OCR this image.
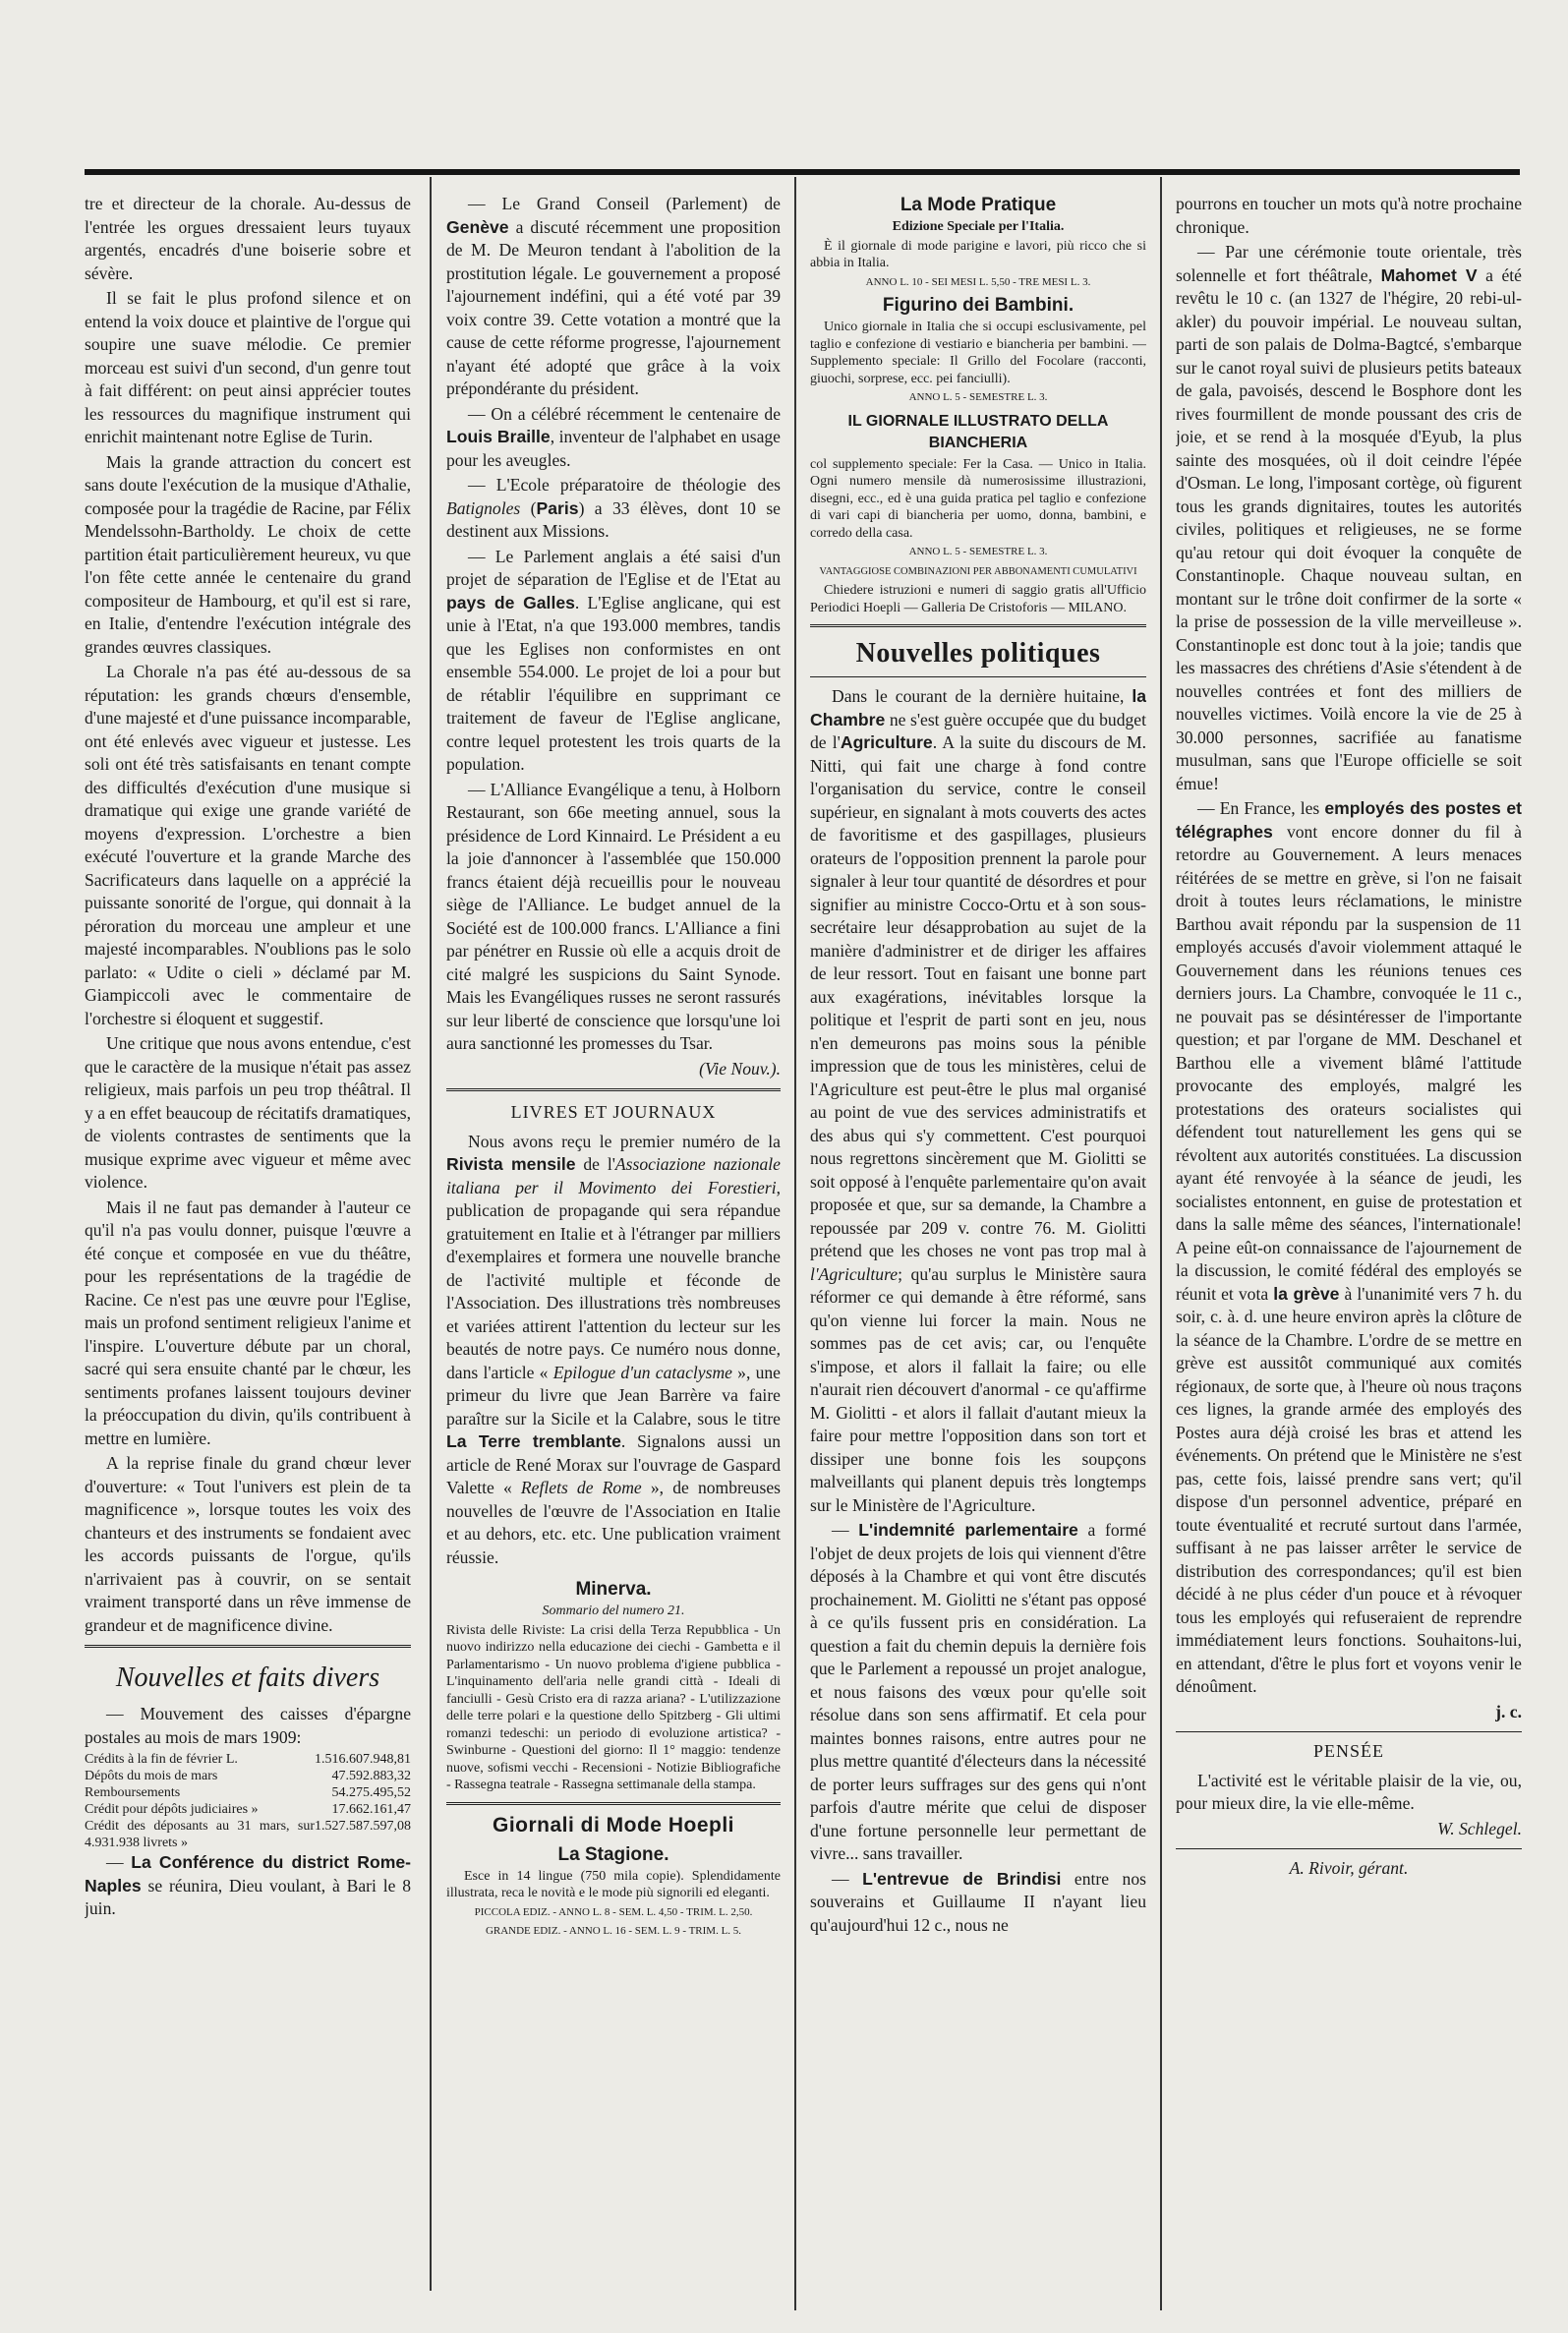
tre et directeur de la chorale. Au-dessus de l'entrée les orgues dressaient leurs tuyaux argentés, encadrés d'une boiserie sobre et sévère.

Il se fait le plus profond silence et on entend la voix douce et plaintive de l'orgue qui soupire une suave mélodie. Ce premier morceau est suivi d'un second, d'un genre tout à fait différent: on peut ainsi apprécier toutes les ressources du magnifique instrument qui enrichit maintenant notre Eglise de Turin.

Mais la grande attraction du concert est sans doute l'exécution de la musique d'Athalie, composée pour la tragédie de Racine, par Félix Mendelssohn-Bartholdy. Le choix de cette partition était particulièrement heureux, vu que l'on fête cette année le centenaire du grand compositeur de Hambourg, et qu'il est si rare, en Italie, d'entendre l'exécution intégrale des grandes œuvres classiques.

La Chorale n'a pas été au-dessous de sa réputation: les grands chœurs d'ensemble, d'une majesté et d'une puissance incomparable, ont été enlevés avec vigueur et justesse. Les soli ont été très satisfaisants en tenant compte des difficultés d'exécution d'une musique si dramatique qui exige une grande variété de moyens d'expression. L'orchestre a bien exécuté l'ouverture et la grande Marche des Sacrificateurs dans laquelle on a apprécié la puissante sonorité de l'orgue, qui donnait à la péroration du morceau une ampleur et une majesté incomparables. N'oublions pas le solo parlato: « Udite o cieli » déclamé par M. Giampiccoli avec le commentaire de l'orchestre si éloquent et suggestif.

Une critique que nous avons entendue, c'est que le caractère de la musique n'était pas assez religieux, mais parfois un peu trop théâtral. Il y a en effet beaucoup de récitatifs dramatiques, de violents contrastes de sentiments que la musique exprime avec vigueur et même avec violence.

Mais il ne faut pas demander à l'auteur ce qu'il n'a pas voulu donner, puisque l'œuvre a été conçue et composée en vue du théâtre, pour les représentations de la tragédie de Racine. Ce n'est pas une œuvre pour l'Eglise, mais un profond sentiment religieux l'anime et l'inspire. L'ouverture débute par un choral, sacré qui sera ensuite chanté par le chœur, les sentiments profanes laissent toujours deviner la préoccupation du divin, qu'ils contribuent à mettre en lumière.

A la reprise finale du grand chœur lever d'ouverture: « Tout l'univers est plein de ta magnificence », lorsque toutes les voix des chanteurs et des instruments se fondaient avec les accords puissants de l'orgue, qu'ils n'arrivaient pas à couvrir, on se sentait vraiment transporté dans un rêve immense de grandeur et de magnificence divine.

Nouvelles et faits divers

— Mouvement des caisses d'épargne postales au mois de mars 1909:

Crédits à la fin de février L.	1.516.607.948,81
Dépôts du mois de mars	47.592.883,32
Remboursements	54.275.495,52
Crédit pour dépôts judiciaires »	17.662.161,47
Crédit des déposants au 31 mars, sur 4.931.938 livrets »	1.527.587.597,08

— La Conférence du district Rome-Naples se réunira, Dieu voulant, à Bari le 8 juin.

— Le Grand Conseil (Parlement) de Genève a discuté récemment une proposition de M. De Meuron tendant à l'abolition de la prostitution légale. Le gouvernement a proposé l'ajournement indéfini, qui a été voté par 39 voix contre 39. Cette votation a montré que la cause de cette réforme progresse, l'ajournement n'ayant été adopté que grâce à la voix prépondérante du président.

— On a célébré récemment le centenaire de Louis Braille, inventeur de l'alphabet en usage pour les aveugles.

— L'Ecole préparatoire de théologie des Batignoles (Paris) a 33 élèves, dont 10 se destinent aux Missions.

— Le Parlement anglais a été saisi d'un projet de séparation de l'Eglise et de l'Etat au pays de Galles. L'Eglise anglicane, qui est unie à l'Etat, n'a que 193.000 membres, tandis que les Eglises non conformistes en ont ensemble 554.000. Le projet de loi a pour but de rétablir l'équilibre en supprimant ce traitement de faveur de l'Eglise anglicane, contre lequel protestent les trois quarts de la population.

— L'Alliance Evangélique a tenu, à Holborn Restaurant, son 66e meeting annuel, sous la présidence de Lord Kinnaird. Le Président a eu la joie d'annoncer à l'assemblée que 150.000 francs étaient déjà recueillis pour le nouveau siège de l'Alliance. Le budget annuel de la Société est de 100.000 francs. L'Alliance a fini par pénétrer en Russie où elle a acquis droit de cité malgré les suspicions du Saint Synode. Mais les Evangéliques russes ne seront rassurés sur leur liberté de conscience que lorsqu'une loi aura sanctionné les promesses du Tsar.

(Vie Nouv.).

LIVRES ET JOURNAUX

Nous avons reçu le premier numéro de la Rivista mensile de l'Associazione nazionale italiana per il Movimento dei Forestieri, publication de propagande qui sera répandue gratuitement en Italie et à l'étranger par milliers d'exemplaires et formera une nouvelle branche de l'activité multiple et féconde de l'Association. Des illustrations très nombreuses et variées attirent l'attention du lecteur sur les beautés de notre pays. Ce numéro nous donne, dans l'article « Epilogue d'un cataclysme », une primeur du livre que Jean Barrère va faire paraître sur la Sicile et la Calabre, sous le titre La Terre tremblante. Signalons aussi un article de René Morax sur l'ouvrage de Gaspard Valette « Reflets de Rome », de nombreuses nouvelles de l'œuvre de l'Association en Italie et au dehors, etc. etc. Une publication vraiment réussie.

Minerva.

Sommario del numero 21.

Rivista delle Riviste: La crisi della Terza Repubblica - Un nuovo indirizzo nella educazione dei ciechi - Gambetta e il Parlamentarismo - Un nuovo problema d'igiene pubblica - L'inquinamento dell'aria nelle grandi città - Ideali di fanciulli - Gesù Cristo era di razza ariana? - L'utilizzazione delle terre polari e la questione dello Spitzberg - Gli ultimi romanzi tedeschi: un periodo di evoluzione artistica? - Swinburne - Questioni del giorno: Il 1° maggio: tendenze nuove, sofismi vecchi - Recensioni - Notizie Bibliografiche - Rassegna teatrale - Rassegna settimanale della stampa.

Giornali di Mode Hoepli
La Stagione.

Esce in 14 lingue (750 mila copie). Splendidamente illustrata, reca le novità e le mode più signorili ed eleganti.

PICCOLA EDIZ. - ANNO L. 8 - SEM. L. 4,50 - TRIM. L. 2,50.

GRANDE EDIZ. - ANNO L. 16 - SEM. L. 9 - TRIM. L. 5.

La Mode Pratique

Edizione Speciale per l'Italia.

È il giornale di mode parigine e lavori, più ricco che si abbia in Italia.

ANNO L. 10 - SEI MESI L. 5,50 - TRE MESI L. 3.

Figurino dei Bambini.

Unico giornale in Italia che si occupi esclusivamente, pel taglio e confezione di vestiario e biancheria per bambini. — Supplemento speciale: Il Grillo del Focolare (racconti, giuochi, sorprese, ecc. pei fanciulli).

ANNO L. 5 - SEMESTRE L. 3.

IL GIORNALE ILLUSTRATO DELLA BIANCHERIA

col supplemento speciale: Fer la Casa. — Unico in Italia. Ogni numero mensile dà numerosissime illustrazioni, disegni, ecc., ed è una guida pratica pel taglio e confezione di vari capi di biancheria per uomo, donna, bambini, e corredo della casa.

ANNO L. 5 - SEMESTRE L. 3.

VANTAGGIOSE COMBINAZIONI PER ABBONAMENTI CUMULATIVI

Chiedere istruzioni e numeri di saggio gratis all'Ufficio Periodici Hoepli — Galleria De Cristoforis — MILANO.

Nouvelles politiques

Dans le courant de la dernière huitaine, la Chambre ne s'est guère occupée que du budget de l'Agriculture. A la suite du discours de M. Nitti, qui fait une charge à fond contre l'organisation du service, contre le conseil supérieur, en signalant à mots couverts des actes de favoritisme et des gaspillages, plusieurs orateurs de l'opposition prennent la parole pour signaler à leur tour quantité de désordres et pour signifier au ministre Cocco-Ortu et à son sous-secrétaire leur désapprobation au sujet de la manière d'administrer et de diriger les affaires de leur ressort. Tout en faisant une bonne part aux exagérations, inévitables lorsque la politique et l'esprit de parti sont en jeu, nous n'en demeurons pas moins sous la pénible impression que de tous les ministères, celui de l'Agriculture est peut-être le plus mal organisé au point de vue des services administratifs et des abus qui s'y commettent. C'est pourquoi nous regrettons sincèrement que M. Giolitti se soit opposé à l'enquête parlementaire qu'on avait proposée et que, sur sa demande, la Chambre a repoussée par 209 v. contre 76. M. Giolitti prétend que les choses ne vont pas trop mal à l'Agriculture; qu'au surplus le Ministère saura réformer ce qui demande à être réformé, sans qu'on vienne lui forcer la main. Nous ne sommes pas de cet avis; car, ou l'enquête s'impose, et alors il fallait la faire; ou elle n'aurait rien découvert d'anormal - ce qu'affirme M. Giolitti - et alors il fallait d'autant mieux la faire pour mettre l'opposition dans son tort et dissiper une bonne fois les soupçons malveillants qui planent depuis très longtemps sur le Ministère de l'Agriculture.

— L'indemnité parlementaire a formé l'objet de deux projets de lois qui viennent d'être déposés à la Chambre et qui vont être discutés prochainement. M. Giolitti ne s'étant pas opposé à ce qu'ils fussent pris en considération. La question a fait du chemin depuis la dernière fois que le Parlement a repoussé un projet analogue, et nous faisons des vœux pour qu'elle soit résolue dans son sens affirmatif. Et cela pour maintes bonnes raisons, entre autres pour ne plus mettre quantité d'électeurs dans la nécessité de porter leurs suffrages sur des gens qui n'ont parfois d'autre mérite que celui de disposer d'une fortune personnelle leur permettant de vivre... sans travailler.

— L'entrevue de Brindisi entre nos souverains et Guillaume II n'ayant lieu qu'aujourd'hui 12 c., nous ne

pourrons en toucher un mots qu'à notre prochaine chronique.

— Par une cérémonie toute orientale, très solennelle et fort théâtrale, Mahomet V a été revêtu le 10 c. (an 1327 de l'hégire, 20 rebi-ul-akler) du pouvoir impérial. Le nouveau sultan, parti de son palais de Dolma-Bagtcé, s'embarque sur le canot royal suivi de plusieurs petits bateaux de gala, pavoisés, descend le Bosphore dont les rives fourmillent de monde poussant des cris de joie, et se rend à la mosquée d'Eyub, la plus sainte des mosquées, où il doit ceindre l'épée d'Osman. Le long, l'imposant cortège, où figurent tous les grands dignitaires, toutes les autorités civiles, politiques et religieuses, ne se forme qu'au retour qui doit évoquer la conquête de Constantinople. Chaque nouveau sultan, en montant sur le trône doit confirmer de la sorte « la prise de possession de la ville merveilleuse ». Constantinople est donc tout à la joie; tandis que les massacres des chrétiens d'Asie s'étendent à de nouvelles contrées et font des milliers de nouvelles victimes. Voilà encore la vie de 25 à 30.000 personnes, sacrifiée au fanatisme musulman, sans que l'Europe officielle se soit émue!

— En France, les employés des postes et télégraphes vont encore donner du fil à retordre au Gouvernement. A leurs menaces réitérées de se mettre en grève, si l'on ne faisait droit à toutes leurs réclamations, le ministre Barthou avait répondu par la suspension de 11 employés accusés d'avoir violemment attaqué le Gouvernement dans les réunions tenues ces derniers jours. La Chambre, convoquée le 11 c., ne pouvait pas se désintéresser de l'importante question; et par l'organe de MM. Deschanel et Barthou elle a vivement blâmé l'attitude provocante des employés, malgré les protestations des orateurs socialistes qui défendent tout naturellement les gens qui se révoltent aux autorités constituées. La discussion ayant été renvoyée à la séance de jeudi, les socialistes entonnent, en guise de protestation et dans la salle même des séances, l'internationale! A peine eût-on connaissance de l'ajournement de la discussion, le comité fédéral des employés se réunit et vota la grève à l'unanimité vers 7 h. du soir, c. à. d. une heure environ après la clôture de la séance de la Chambre. L'ordre de se mettre en grève est aussitôt communiqué aux comités régionaux, de sorte que, à l'heure où nous traçons ces lignes, la grande armée des employés des Postes aura déjà croisé les bras et attend les événements. On prétend que le Ministère ne s'est pas, cette fois, laissé prendre sans vert; qu'il dispose d'un personnel adventice, préparé en toute éventualité et recruté surtout dans l'armée, suffisant à ne pas laisser arrêter le service de distribution des correspondances; qu'il est bien décidé à ne plus céder d'un pouce et à révoquer tous les employés qui refuseraient de reprendre immédiatement leurs fonctions. Souhaitons-lui, en attendant, d'être le plus fort et voyons venir le dénoûment.

j. c.

PENSÉE

L'activité est le véritable plaisir de la vie, ou, pour mieux dire, la vie elle-même.

W. Schlegel.

A. Rivoir, gérant.
